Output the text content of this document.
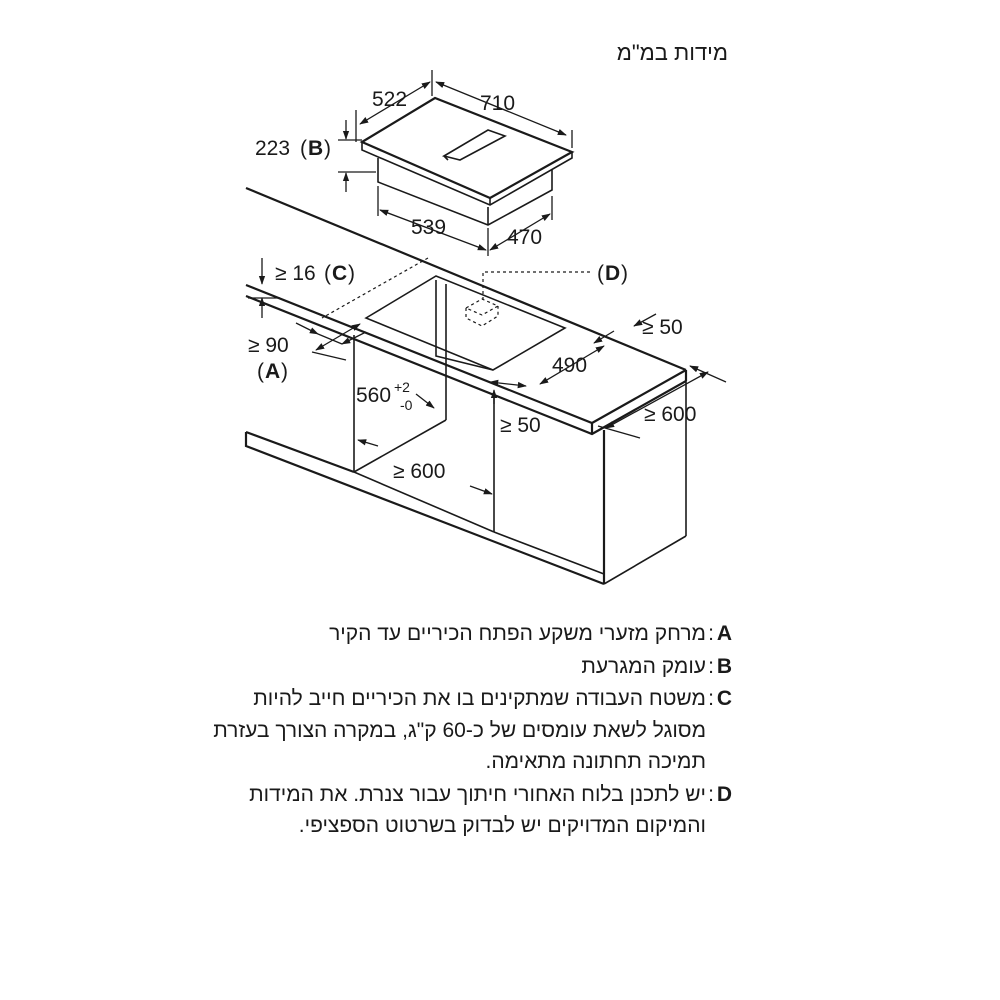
מידות במ"מ
522	710
223 ( B )
539	470
≥ 16 ( C )	( D )
≥ 50
≥ 90
( A )	490
560 +2
-0
≥ 50	≥ 600
≥ 600
A
:
מרחק מזערי משקע הפתח הכיריים עד הקיר
B
:
עומק המגרעת
C
:
משטח העבודה שמתקינים בו את הכיריים חייב להיות מסוגל לשאת עומסים של כ-60 ק"ג, במקרה הצורך בעזרת תמיכה תחתונה מתאימה.
D
:
יש לתכנן בלוח האחורי חיתוך עבור צנרת. את המידות והמיקום המדויקים יש לבדוק בשרטוט הספציפי.
